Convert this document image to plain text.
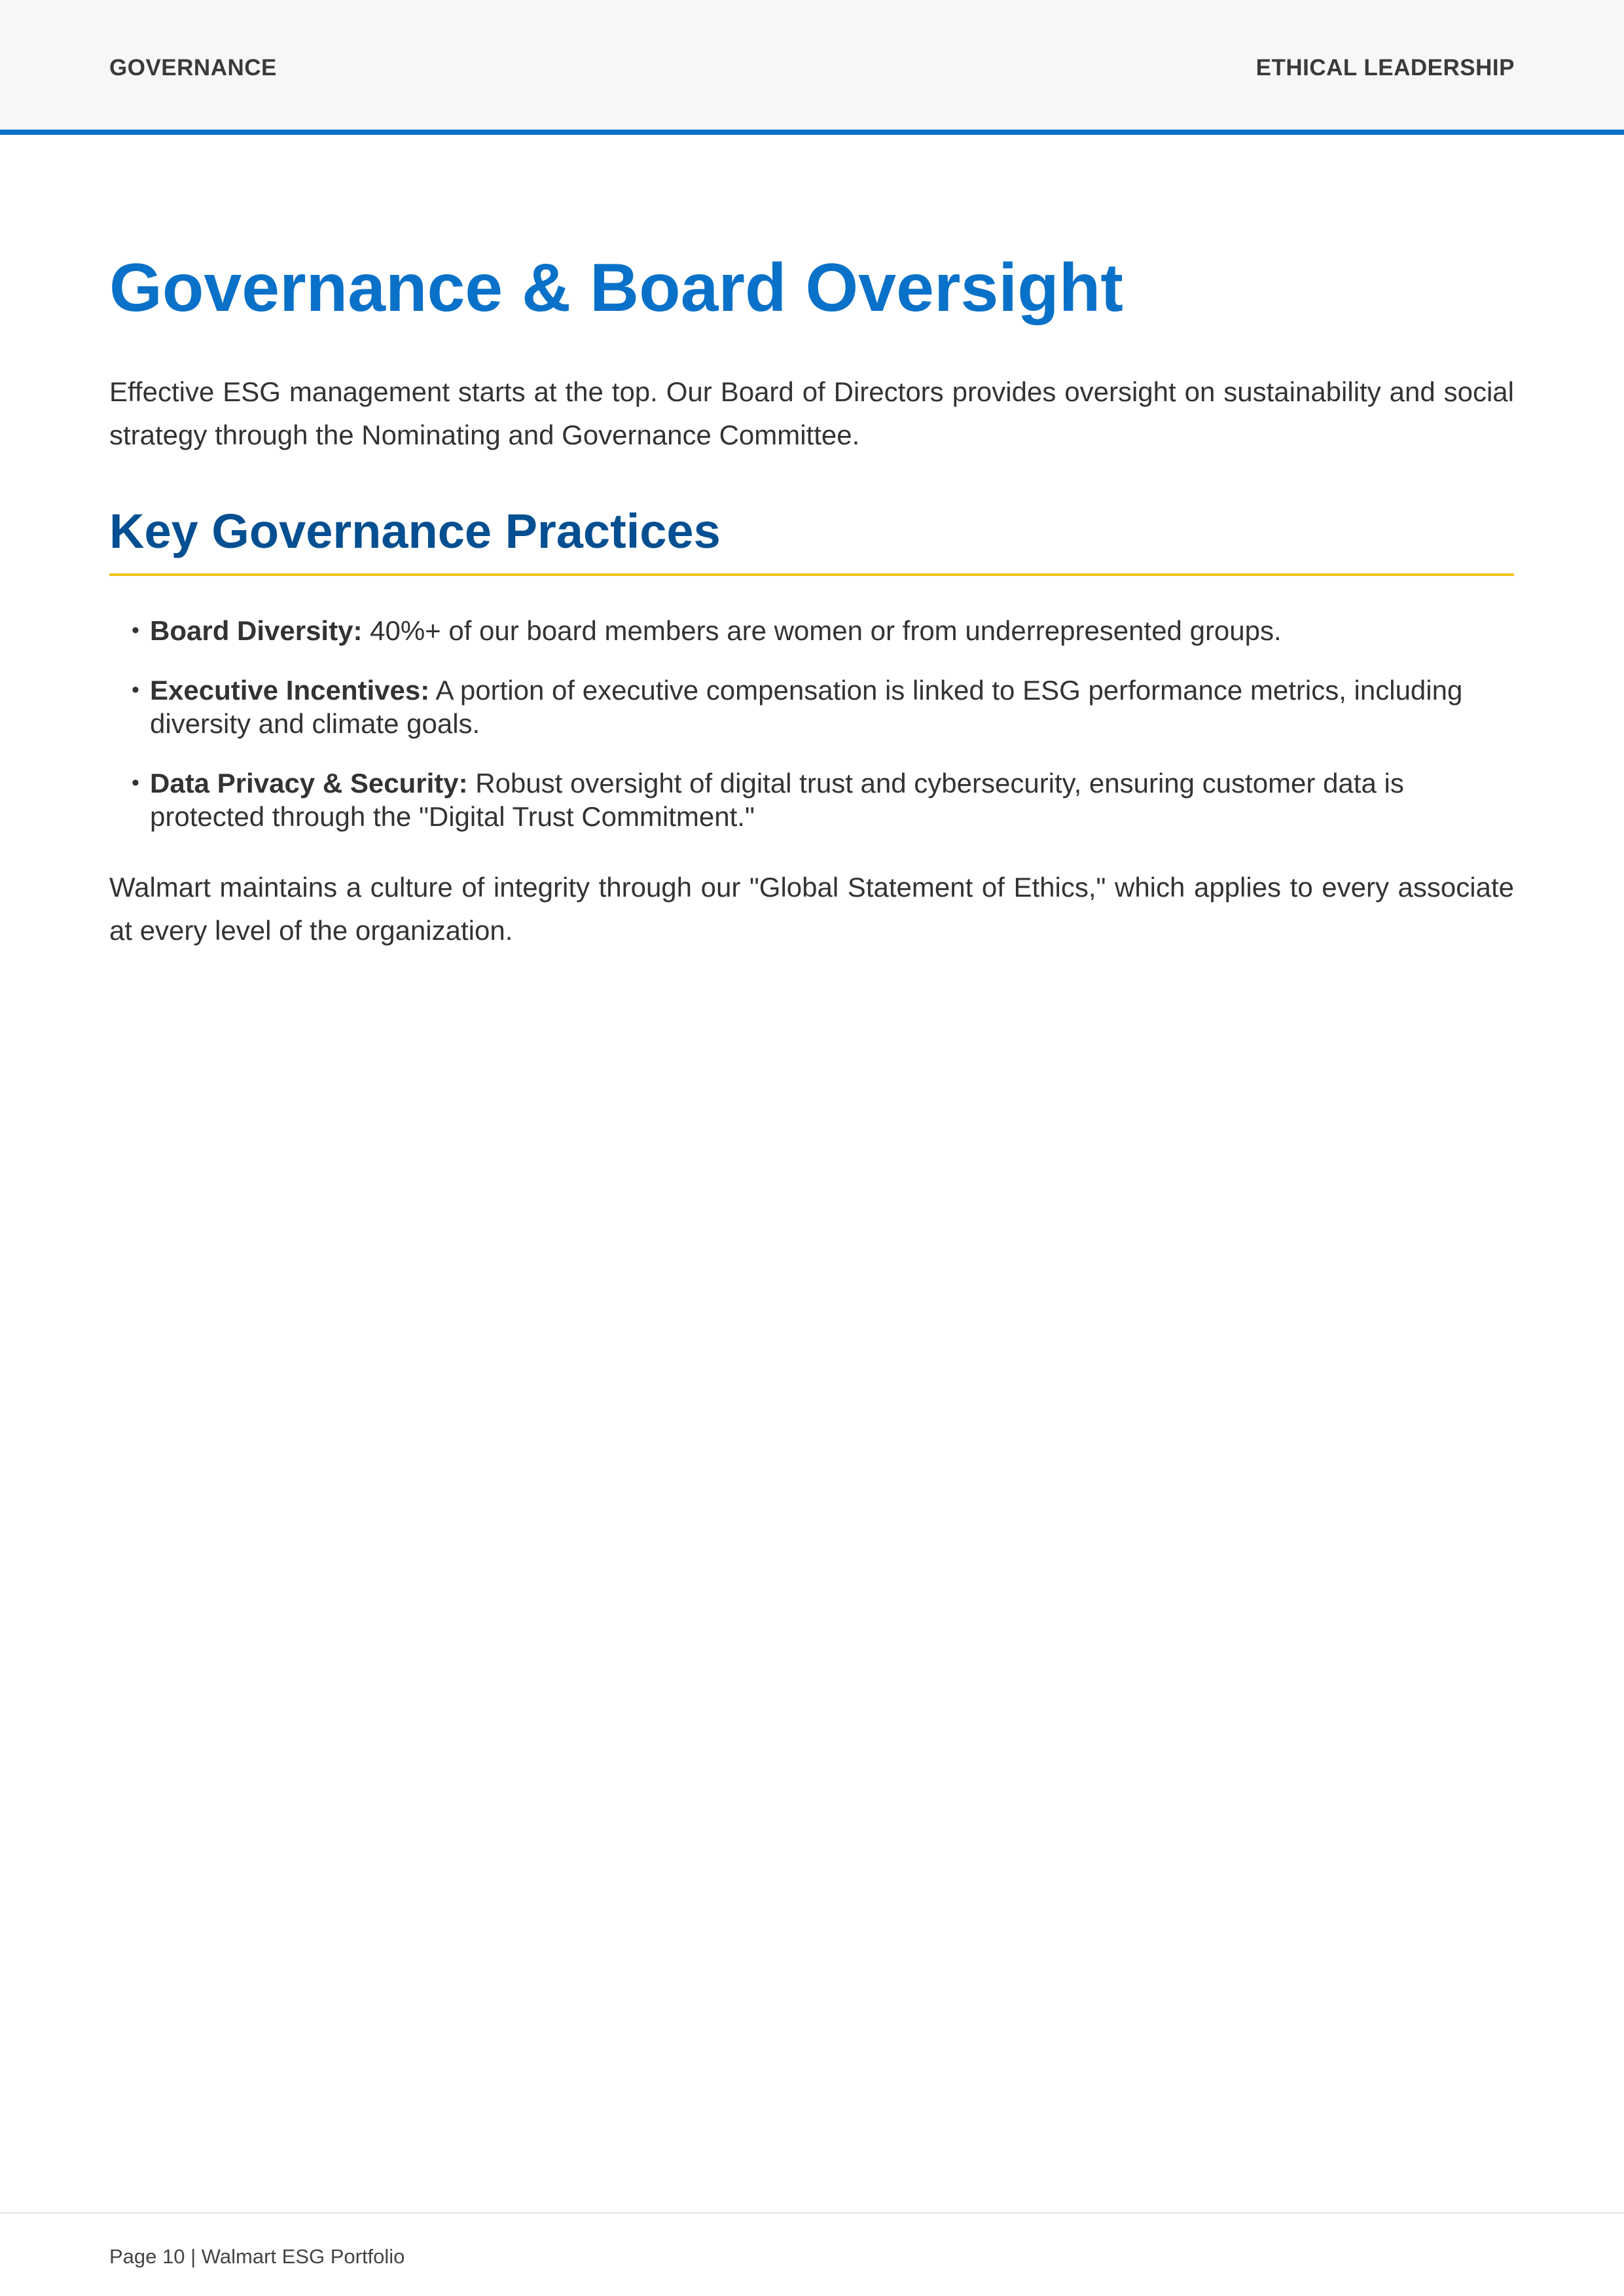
GOVERNANCE	ETHICAL LEADERSHIP
Governance & Board Oversight

Effective ESG management starts at the top. Our Board of Directors provides oversight on sustainability and social strategy through the Nominating and Governance Committee.

Key Governance Practices
• Board Diversity: 40%+ of our board members are women or from underrepresented groups.
• Executive Incentives: A portion of executive compensation is linked to ESG performance metrics, including diversity and climate goals.
• Data Privacy & Security: Robust oversight of digital trust and cybersecurity, ensuring customer data is protected through the "Digital Trust Commitment."

Walmart maintains a culture of integrity through our "Global Statement of Ethics," which applies to every associate at every level of the organization.

Page 10 | Walmart ESG Portfolio
